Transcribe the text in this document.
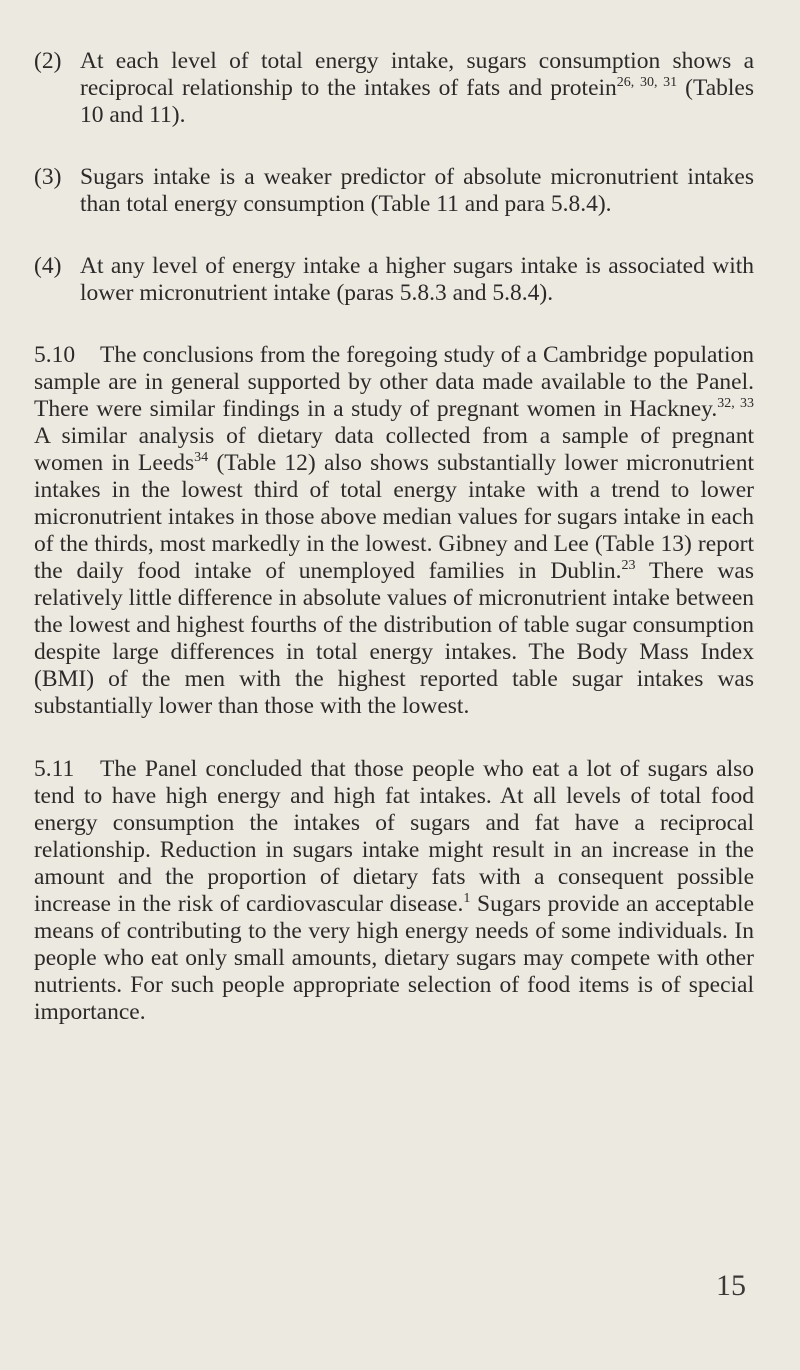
(2) At each level of total energy intake, sugars consumption shows a reciprocal relationship to the intakes of fats and protein$^{26, 30, 31}$ (Tables 10 and 11).
(3) Sugars intake is a weaker predictor of absolute micronutrient intakes than total energy consumption (Table 11 and para 5.8.4).
(4) At any level of energy intake a higher sugars intake is associated with lower micronutrient intake (paras 5.8.3 and 5.8.4).

5.10 The conclusions from the foregoing study of a Cambridge population sample are in general supported by other data made available to the Panel. There were similar findings in a study of pregnant women in Hackney.$^{32, 33}$ A similar analysis of dietary data collected from a sample of pregnant women in Leeds$^{34}$ (Table 12) also shows substantially lower micronutrient intakes in the lowest third of total energy intake with a trend to lower micronutrient intakes in those above median values for sugars intake in each of the thirds, most markedly in the lowest. Gibney and Lee (Table 13) report the daily food intake of unemployed families in Dublin.$^{23}$ There was relatively little difference in absolute values of micronutrient intake between the lowest and highest fourths of the distribution of table sugar consumption despite large differences in total energy intakes. The Body Mass Index (BMI) of the men with the highest reported table sugar intakes was substantially lower than those with the lowest.

5.11 The Panel concluded that those people who eat a lot of sugars also tend to have high energy and high fat intakes. At all levels of total food energy consumption the intakes of sugars and fat have a reciprocal relationship. Reduction in sugars intake might result in an increase in the amount and the proportion of dietary fats with a consequent possible increase in the risk of cardiovascular disease.$^1$ Sugars provide an acceptable means of contributing to the very high energy needs of some individuals. In people who eat only small amounts, dietary sugars may compete with other nutrients. For such people appropriate selection of food items is of special importance.

15
